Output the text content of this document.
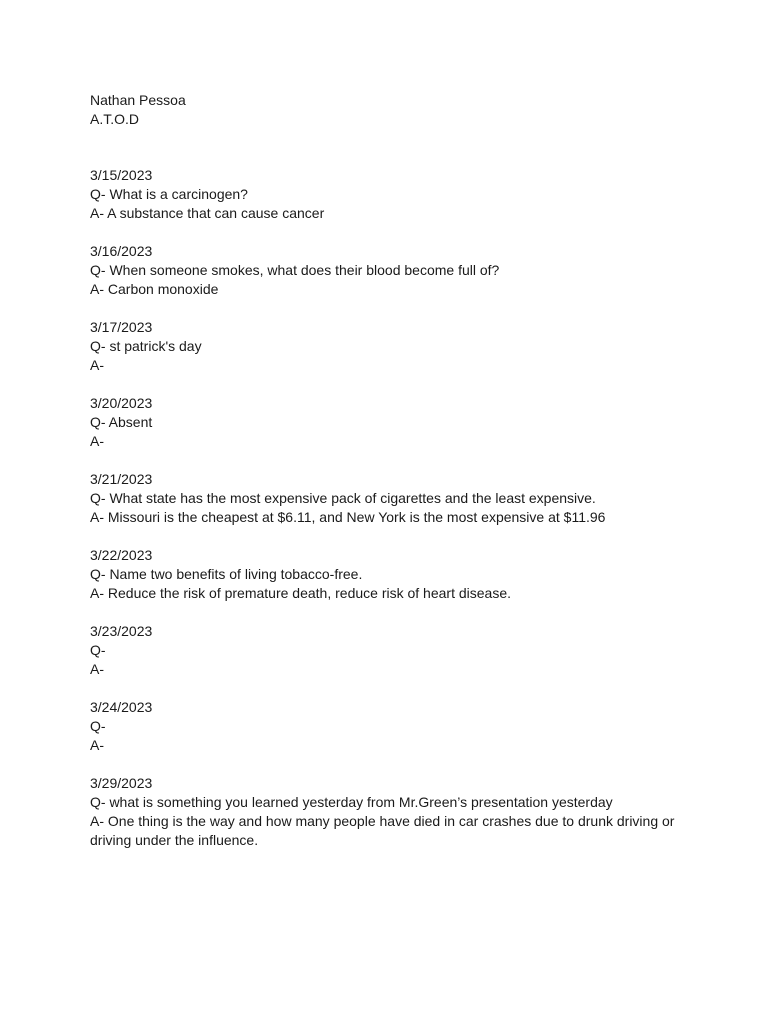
Nathan Pessoa
A.T.O.D
3/15/2023
Q- What is a carcinogen?
A- A substance that can cause cancer
3/16/2023
Q- When someone smokes, what does their blood become full of?
A- Carbon monoxide
3/17/2023
Q- st patrick's day
A-
3/20/2023
Q- Absent
A-
3/21/2023
Q- What state has the most expensive pack of cigarettes and the least expensive.
A- Missouri is the cheapest at $6.11, and New York is the most expensive at $11.96
3/22/2023
Q- Name two benefits of living tobacco-free.
A- Reduce the risk of premature death, reduce risk of heart disease.
3/23/2023
Q-
A-
3/24/2023
Q-
A-
3/29/2023
Q- what is something you learned yesterday from Mr.Green’s presentation yesterday
A- One thing is the way and how many people have died in car crashes due to drunk driving or driving under the influence.
